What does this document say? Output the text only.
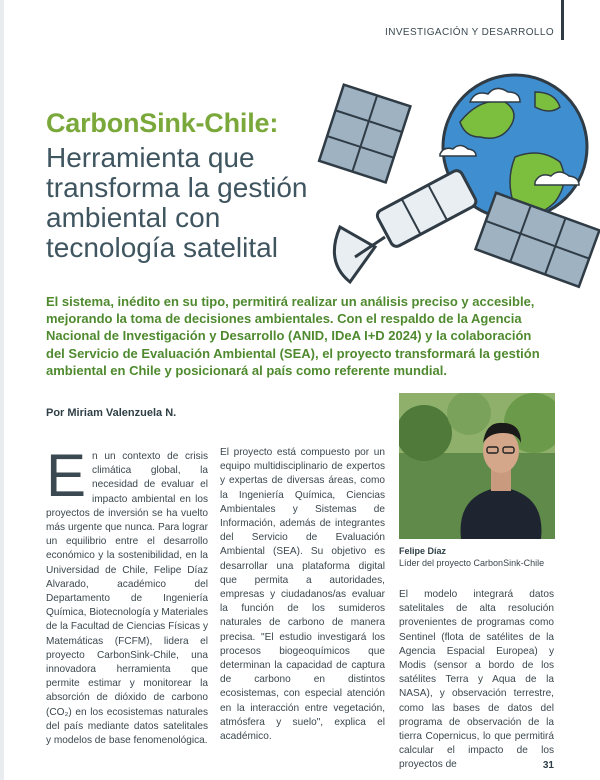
INVESTIGACIÓN Y DESARROLLO
CarbonSink-Chile:
Herramienta que
transforma la gestión
ambiental con
tecnología satelital

El sistema, inédito en su tipo, permitirá realizar un análisis preciso y accesible, mejorando la toma de decisiones ambientales. Con el respaldo de la Agencia Nacional de Investigación y Desarrollo (ANID, IDeA I+D 2024) y la colaboración del Servicio de Evaluación Ambiental (SEA), el proyecto transformará la gestión ambiental en Chile y posicionará al país como referente mundial.

Por Miriam Valenzuela N.
E n un contexto de crisis climática global, la necesidad de evaluar el impacto ambiental en los proyectos de inversión se ha vuelto más urgente que nunca. Para lograr un equilibrio entre el desarrollo económico y la sostenibilidad, en la Universidad de Chile, Felipe Díaz Alvarado, académico del Departamento de Ingeniería Química, Biotecnología y Materiales de la Facultad de Ciencias Físicas y Matemáticas (FCFM), lidera el proyecto CarbonSink-Chile, una innovadora herramienta que permite estimar y monitorear la absorción de dióxido de carbono (CO₂) en los ecosistemas naturales del país mediante datos satelitales y modelos de base fenomenológica.
El proyecto está compuesto por un equipo multidisciplinario de expertos y expertas de diversas áreas, como la Ingeniería Química, Ciencias Ambientales y Sistemas de Información, además de integrantes del Servicio de Evaluación Ambiental (SEA). Su objetivo es desarrollar una plataforma digital que permita a autoridades, empresas y ciudadanos/as evaluar la función de los sumideros naturales de carbono de manera precisa. "El estudio investigará los procesos biogeoquímicos que determinan la capacidad de captura de carbono en distintos ecosistemas, con especial atención en la interacción entre vegetación, atmósfera y suelo", explica el académico.
Felipe Díaz
Líder del proyecto CarbonSink-Chile
El modelo integrará datos satelitales de alta resolución provenientes de programas como Sentinel (flota de satélites de la Agencia Espacial Europea) y Modis (sensor a bordo de los satélites Terra y Aqua de la NASA), y observación terrestre, como las bases de datos del programa de observación de la tierra Copernicus, lo que permitirá calcular el impacto de los proyectos de	31
